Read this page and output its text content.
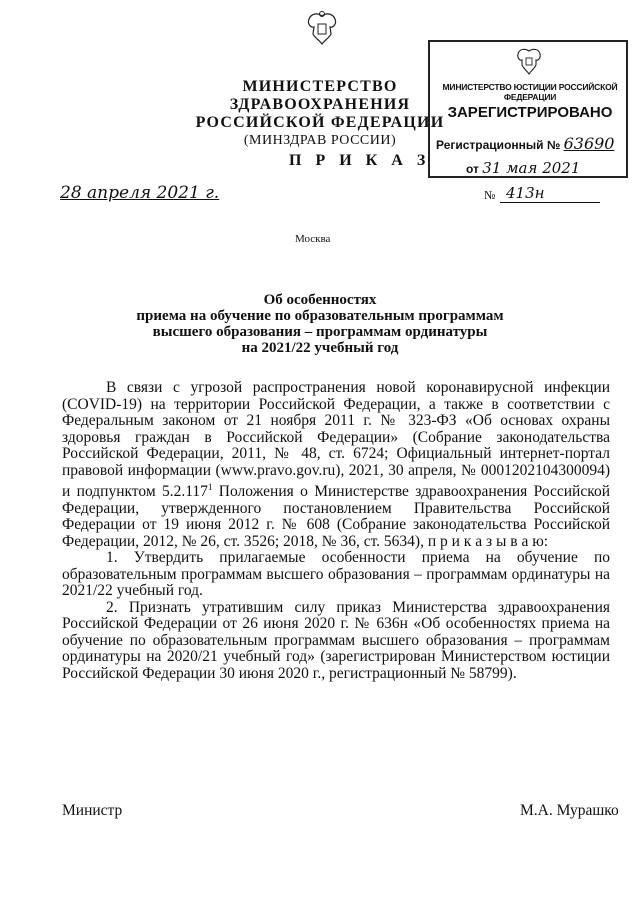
МИНИСТЕРСТВО ЗДРАВООХРАНЕНИЯ
РОССИЙСКОЙ ФЕДЕРАЦИИ
(МИНЗДРАВ РОССИИ)
МИНИСТЕРСТВО ЮСТИЦИИ РОССИЙСКОЙ ФЕДЕРАЦИИ
ЗАРЕГИСТРИРОВАНО
Регистрационный № 63690
от 31 мая 2021
П Р И К А З
28 апреля 2021 г.	№ 413н
Москва
Об особенностях
приема на обучение по образовательным программам
высшего образования – программам ординатуры
на 2021/22 учебный год

В связи с угрозой распространения новой коронавирусной инфекции (COVID-19) на территории Российской Федерации, а также в соответствии с Федеральным законом от 21 ноября 2011 г. № 323-ФЗ «Об основах охраны здоровья граждан в Российской Федерации» (Собрание законодательства Российской Федерации, 2011, № 48, ст. 6724; Официальный интернет-портал правовой информации (www.pravo.gov.ru), 2021, 30 апреля, № 0001202104300094) и подпунктом 5.2.117$^1$ Положения о Министерстве здравоохранения Российской Федерации, утвержденного постановлением Правительства Российской Федерации от 19 июня 2012 г. № 608 (Собрание законодательства Российской Федерации, 2012, № 26, ст. 3526; 2018, № 36, ст. 5634), п р и к а з ы в а ю:

1. Утвердить прилагаемые особенности приема на обучение по образовательным программам высшего образования – программам ординатуры на 2021/22 учебный год.

2. Признать утратившим силу приказ Министерства здравоохранения Российской Федерации от 26 июня 2020 г. № 636н «Об особенностях приема на обучение по образовательным программам высшего образования – программам ординатуры на 2020/21 учебный год» (зарегистрирован Министерством юстиции Российской Федерации 30 июня 2020 г., регистрационный № 58799).

Министр	М.А. Мурашко
